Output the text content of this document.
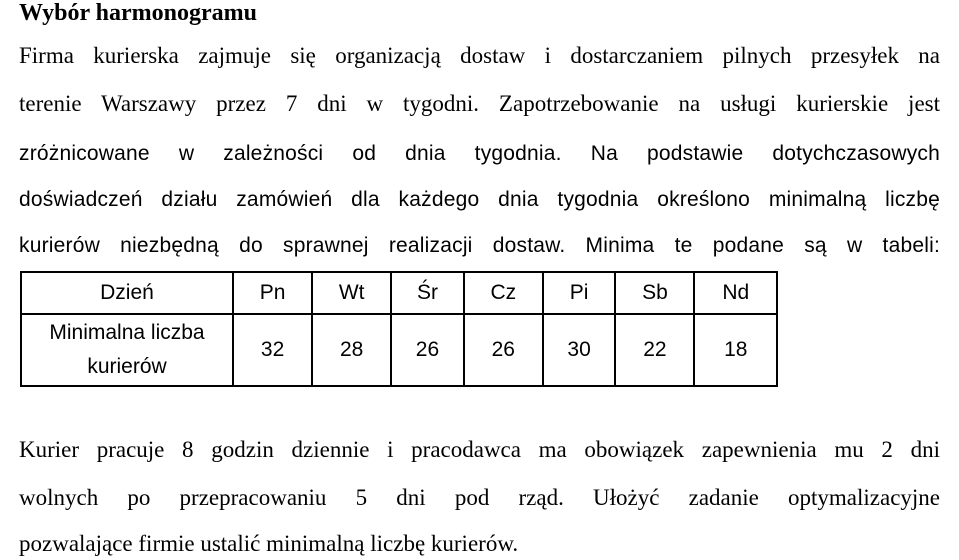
Wybór harmonogramu
Firma kurierska zajmuje się organizacją dostaw i dostarczaniem pilnych przesyłek na
terenie Warszawy przez 7 dni w tygodni. Zapotrzebowanie na usługi kurierskie jest
zróżnicowane w zależności od dnia tygodnia. Na podstawie dotychczasowych
doświadczeń działu zamówień dla każdego dnia tygodnia określono minimalną liczbę
kurierów niezbędną do sprawnej realizacji dostaw. Minima te podane są w tabeli:
Dzień	Pn	Wt	Śr	Cz	Pi	Sb	Nd

Minimalna liczba
kurierów	32	28	26	26	30	22	18
Kurier pracuje 8 godzin dziennie i pracodawca ma obowiązek zapewnienia mu 2 dni
wolnych po przepracowaniu 5 dni pod rząd. Ułożyć zadanie optymalizacyjne
pozwalające firmie ustalić minimalną liczbę kurierów.
